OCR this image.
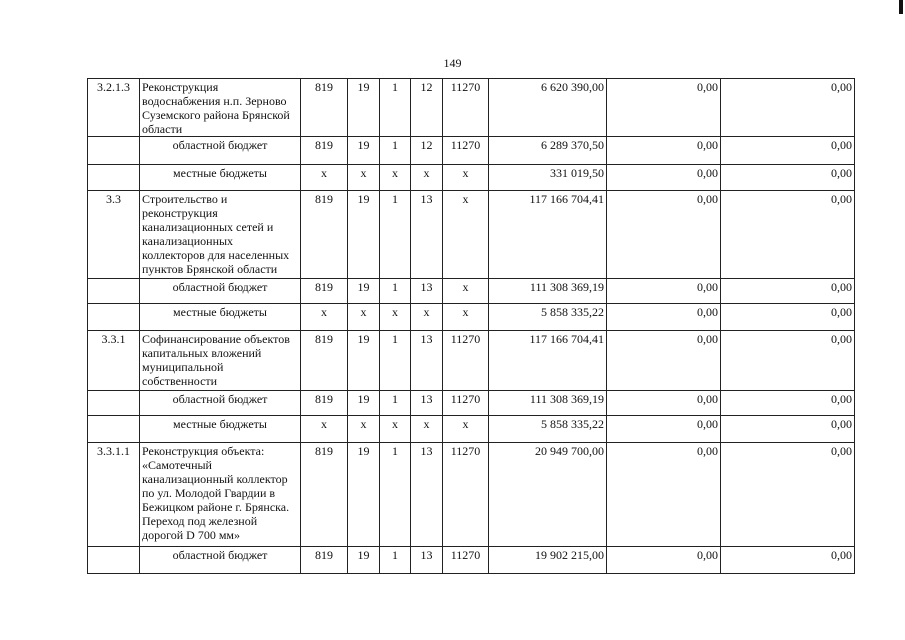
149
3.2.1.3	Реконструкция водоснабжения н.п. Зерново Суземского района Брянской области	819	19	1	12	11270	6 620 390,00	0,00	0,00
	областной бюджет	819	19	1	12	11270	6 289 370,50	0,00	0,00
	местные бюджеты	х	х	х	х	х	331 019,50	0,00	0,00
3.3	Строительство и реконструкция канализационных сетей и канализационных коллекторов для населенных пунктов Брянской области	819	19	1	13	х	117 166 704,41	0,00	0,00
	областной бюджет	819	19	1	13	х	111 308 369,19	0,00	0,00
	местные бюджеты	х	х	х	х	х	5 858 335,22	0,00	0,00
3.3.1	Софинансирование объектов капитальных вложений муниципальной собственности	819	19	1	13	11270	117 166 704,41	0,00	0,00
	областной бюджет	819	19	1	13	11270	111 308 369,19	0,00	0,00
	местные бюджеты	х	х	х	х	х	5 858 335,22	0,00	0,00
3.3.1.1	Реконструкция объекта: «Самотечный канализационный коллектор по ул. Молодой Гвардии в Бежицком районе г. Брянска. Переход под железной дорогой D 700 мм»	819	19	1	13	11270	20 949 700,00	0,00	0,00
	областной бюджет	819	19	1	13	11270	19 902 215,00	0,00	0,00
